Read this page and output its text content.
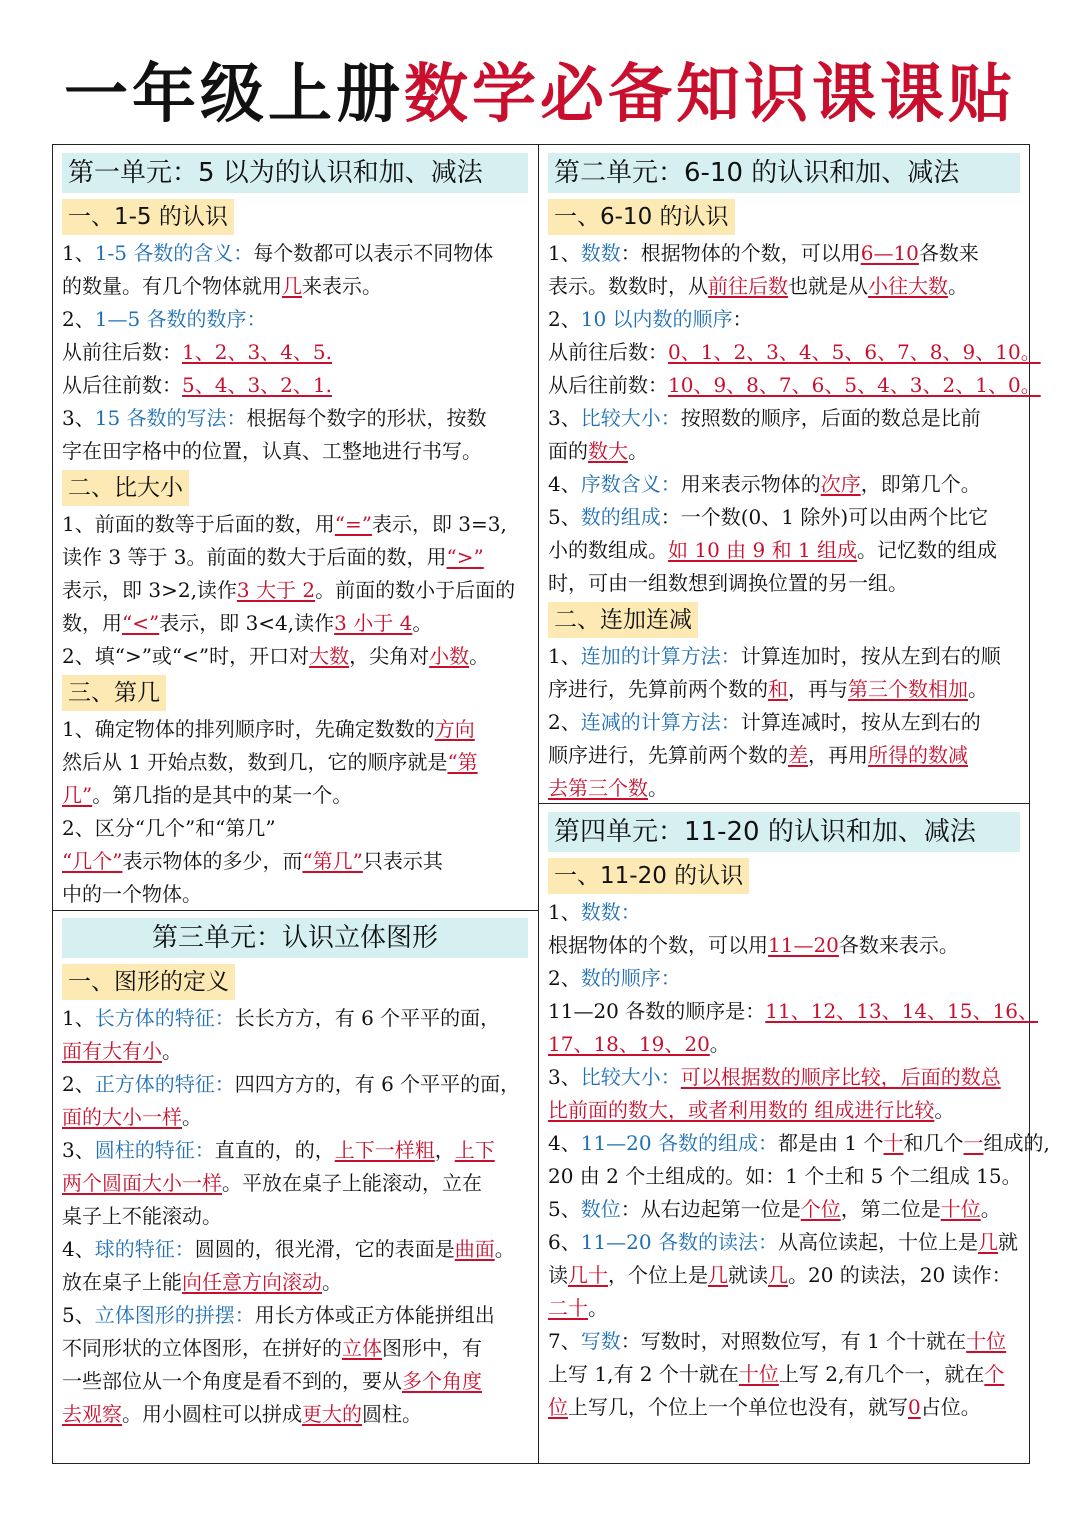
一年级上册数学必备知识课课贴
第一单元：5 以为的认识和加、减法
一、1-5 的认识
1、1-5 各数的含义：每个数都可以表示不同物体
的数量。有几个物体就用几来表示。
2、1—5 各数的数序：
从前往后数：1、2、3、4、5.
从后往前数：5、4、3、2、1.
3、15 各数的写法：根据每个数字的形状，按数
字在田字格中的位置，认真、工整地进行书写。
二、比大小
1、前面的数等于后面的数，用“=”表示，即 3=3,
读作 3 等于 3。前面的数大于后面的数，用“>”
表示，即 3>2,读作3 大于 2。前面的数小于后面的
数，用“<”表示，即 3<4,读作3 小于 4。
2、填“>”或“<”时，开口对大数，尖角对小数。
三、第几
1、确定物体的排列顺序时，先确定数数的方向
然后从 1 开始点数，数到几，它的顺序就是“第
几”。第几指的是其中的某一个。
2、区分“几个”和“第几”
“几个”表示物体的多少，而“第几”只表示其
中的一个物体。
第三单元：认识立体图形
一、图形的定义
1、长方体的特征：长长方方，有 6 个平平的面，
面有大有小。
2、正方体的特征：四四方方的，有 6 个平平的面，
面的大小一样。
3、圆柱的特征：直直的，的，上下一样粗，上下
两个圆面大小一样。平放在桌子上能滚动，立在
桌子上不能滚动。
4、球的特征：圆圆的，很光滑，它的表面是曲面。
放在桌子上能向任意方向滚动。
5、立体图形的拼摆：用长方体或正方体能拼组出
不同形状的立体图形，在拼好的立体图形中，有
一些部位从一个角度是看不到的，要从多个角度
去观察。用小圆柱可以拼成更大的圆柱。
第二单元：6-10 的认识和加、减法
一、6-10 的认识
1、数数：根据物体的个数，可以用6—10各数来
表示。数数时，从前往后数也就是从小往大数。
2、10 以内数的顺序：
从前往后数：0、1、2、3、4、5、6、7、8、9、10。
从后往前数：10、9、8、7、6、5、4、3、2、1、0。
3、比较大小：按照数的顺序，后面的数总是比前
面的数大。
4、序数含义：用来表示物体的次序，即第几个。
5、数的组成：一个数(0、1 除外)可以由两个比它
小的数组成。如 10 由 9 和 1 组成。记忆数的组成
时，可由一组数想到调换位置的另一组。
二、连加连减
1、连加的计算方法：计算连加时，按从左到右的顺
序进行，先算前两个数的和，再与第三个数相加。
2、连减的计算方法：计算连减时，按从左到右的
顺序进行，先算前两个数的差，再用所得的数减
去第三个数。
第四单元：11-20 的认识和加、减法
一、11-20 的认识
1、数数：
根据物体的个数，可以用11—20各数来表示。
2、数的顺序：
11—20 各数的顺序是：11、12、13、14、15、16、
17、18、19、20。
3、比较大小：可以根据数的顺序比较，后面的数总
比前面的数大，或者利用数的 组成进行比较。
4、11—20 各数的组成：都是由 1 个十和几个一组成的,
20 由 2 个土组成的。如：1 个土和 5 个二组成 15。
5、数位：从右边起第一位是个位，第二位是十位。
6、11—20 各数的读法：从高位读起，十位上是几就
读几十，个位上是几就读几。20 的读法，20 读作：
二十。
7、写数：写数时，对照数位写，有 1 个十就在十位
上写 1,有 2 个十就在十位上写 2,有几个一，就在个
位上写几，个位上一个单位也没有，就写0占位。
